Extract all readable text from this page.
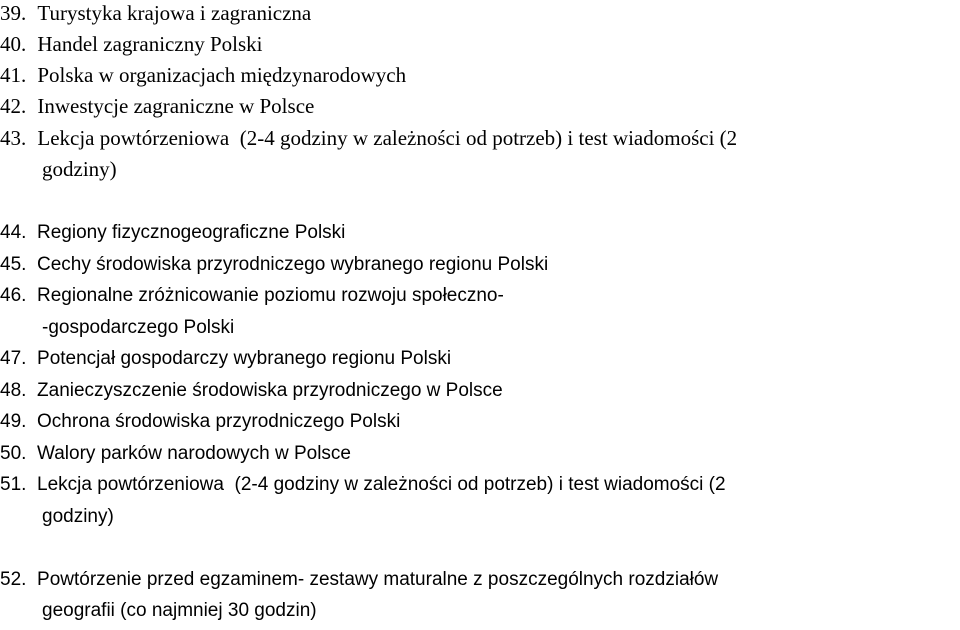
39. Turystyka krajowa i zagraniczna
40. Handel zagraniczny Polski
41. Polska w organizacjach międzynarodowych
42. Inwestycje zagraniczne w Polsce
43. Lekcja powtórzeniowa  (2-4 godziny w zależności od potrzeb) i test wiadomości (2
godziny)
44. Regiony fizycznogeograficzne Polski
45. Cechy środowiska przyrodniczego wybranego regionu Polski
46. Regionalne zróżnicowanie poziomu rozwoju społeczno-
-gospodarczego Polski
47. Potencjał gospodarczy wybranego regionu Polski
48. Zanieczyszczenie środowiska przyrodniczego w Polsce
49. Ochrona środowiska przyrodniczego Polski
50. Walory parków narodowych w Polsce
51. Lekcja powtórzeniowa  (2-4 godziny w zależności od potrzeb) i test wiadomości (2
godziny)
52. Powtórzenie przed egzaminem- zestawy maturalne z poszczególnych rozdziałów
geografii (co najmniej 30 godzin)
